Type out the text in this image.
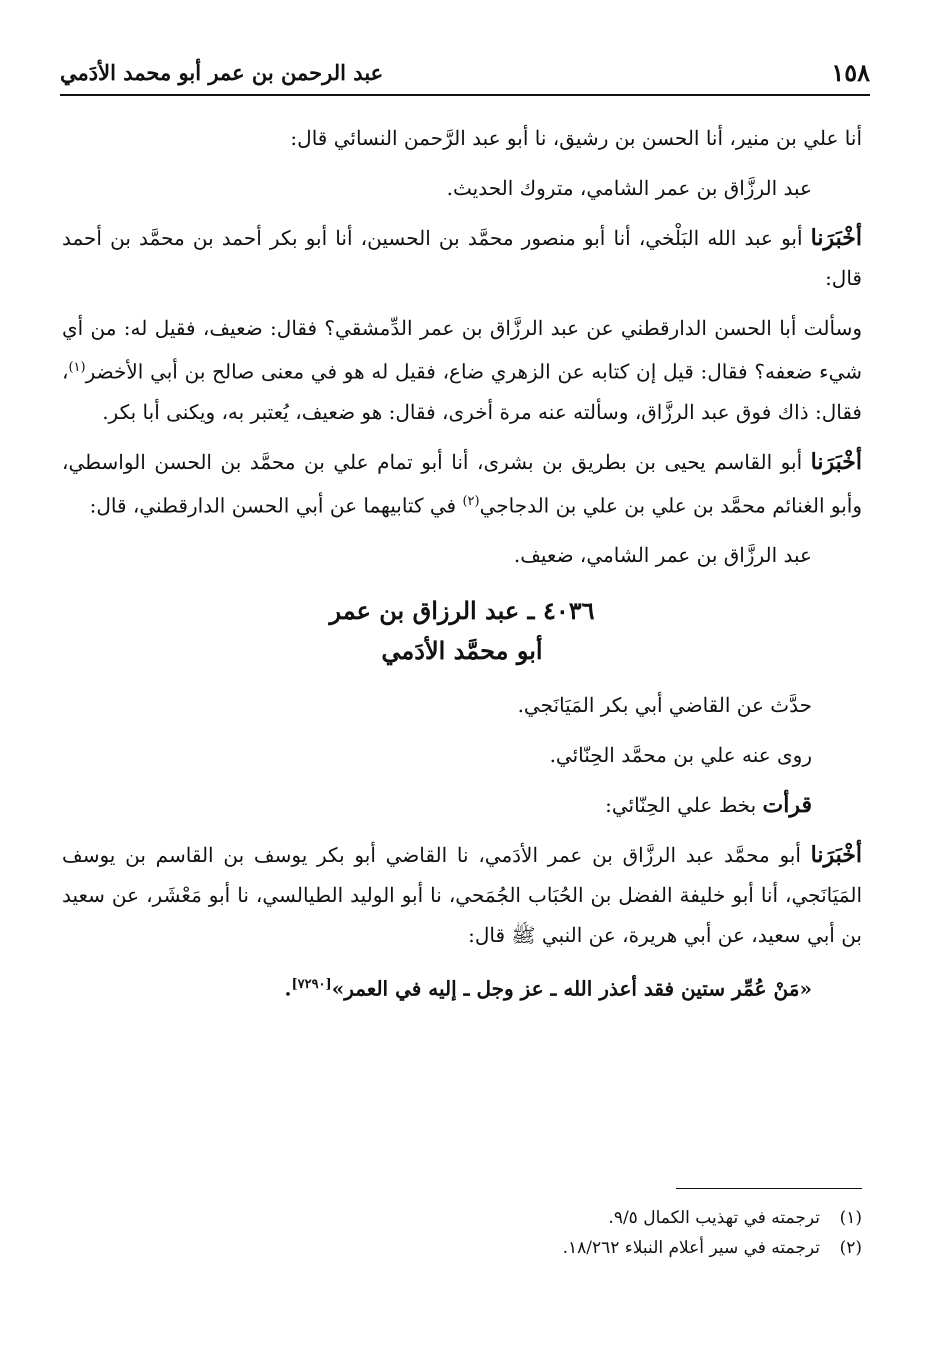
١٥٨
عبد الرحمن بن عمر أبو محمد الأدَمي

أنا علي بن منير، أنا الحسن بن رشيق، نا أبو عبد الرَّحمن النسائي قال:

عبد الرزَّاق بن عمر الشامي، متروك الحديث.

أخْبَرَنا أبو عبد الله البَلْخي، أنا أبو منصور محمَّد بن الحسين، أنا أبو بكر أحمد بن محمَّد بن أحمد قال:

وسألت أبا الحسن الدارقطني عن عبد الرزَّاق بن عمر الدِّمشقي؟ فقال: ضعيف، فقيل له: من أي شيء ضعفه؟ فقال: قيل إن كتابه عن الزهري ضاع، فقيل له هو في معنى صالح بن أبي الأخضر$^{(١)}$، فقال: ذاك فوق عبد الرزَّاق، وسألته عنه مرة أخرى، فقال: هو ضعيف، يُعتبر به، ويكنى أبا بكر.

أخْبَرَنا أبو القاسم يحيى بن بطريق بن بشرى، أنا أبو تمام علي بن محمَّد بن الحسن الواسطي، وأبو الغنائم محمَّد بن علي بن علي بن الدجاجي$^{(٢)}$ في كتابيهما عن أبي الحسن الدارقطني، قال:

عبد الرزَّاق بن عمر الشامي، ضعيف.

٤٠٣٦ ـ عبد الرزاق بن عمر
أبو محمَّد الأدَمي

حدَّث عن القاضي أبي بكر المَيَانَجي.

روى عنه علي بن محمَّد الحِنّائي.

قرأت بخط علي الحِنّائي:

أخْبَرَنا أبو محمَّد عبد الرزَّاق بن عمر الأدَمي، نا القاضي أبو بكر يوسف بن القاسم بن يوسف المَيَانَجي، أنا أبو خليفة الفضل بن الحُبَاب الجُمَحي، نا أبو الوليد الطيالسي، نا أبو مَعْشَر، عن سعيد بن أبي سعيد، عن أبي هريرة، عن النبي ﷺ قال:

«مَنْ عُمِّر ستين فقد أعذر الله ـ عز وجل ـ إليه في العمر»[٧٢٩٠].

(١)ترجمته في تهذيب الكمال ٩/٥.
(٢)ترجمته في سير أعلام النبلاء ١٨/٢٦٢.
